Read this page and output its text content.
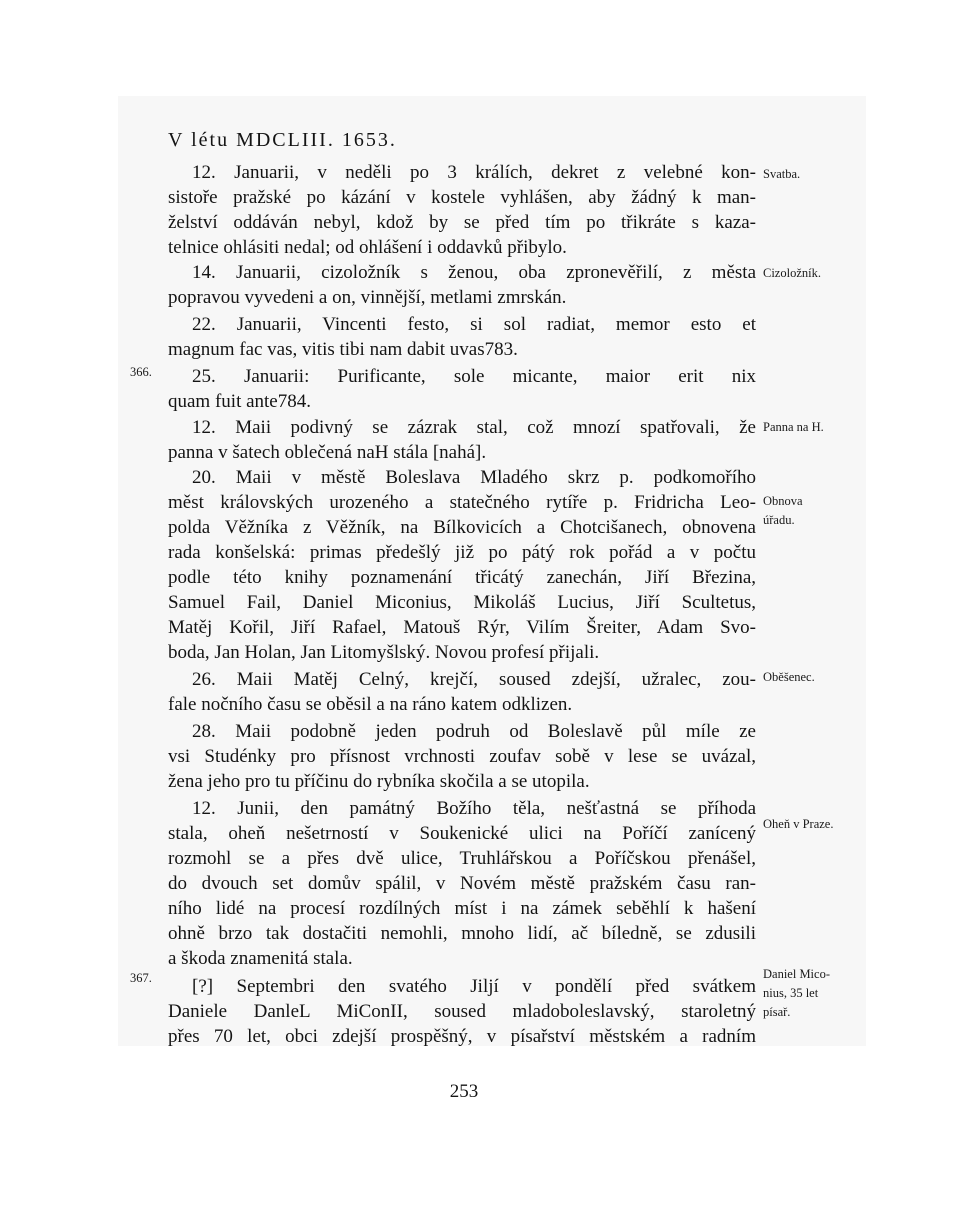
V létu MDCLIII. 1653.
12. Januarii, v neděli po 3 králích, dekret z velebné kon-
sistoře pražské po kázání v kostele vyhlášen, aby žádný k man-
želství oddáván nebyl, kdož by se před tím po třikráte s kaza-
telnice ohlásiti nedal; od ohlášení i oddavků přibylo.
14. Januarii, cizoložník s ženou, oba zpronevěřilí, z města
popravou vyvedeni a on, vinnější, metlami zmrskán.
22. Januarii, Vincenti festo, si sol radiat, memor esto et
magnum fac vas, vitis tibi nam dabit uvas783.
25. Januarii: Purificante, sole micante, maior erit nix
quam fuit ante784.
12. Maii podivný se zázrak stal, což mnozí spatřovali, že
panna v šatech oblečená naH stála [nahá].
20. Maii v městě Boleslava Mladého skrz p. podkomořího
měst královských urozeného a statečného rytíře p. Fridricha Leo-
polda Věžníka z Věžník, na Bílkovicích a Chotcišanech, obnovena
rada konšelská: primas předešlý již po pátý rok pořád a v počtu
podle této knihy poznamenání třicátý zanechán, Jiří Březina,
Samuel Fail, Daniel Miconius, Mikoláš Lucius, Jiří Scultetus,
Matěj Kořil, Jiří Rafael, Matouš Rýr, Vilím Šreiter, Adam Svo-
boda, Jan Holan, Jan Litomyšlský. Novou profesí přijali.
26. Maii Matěj Celný, krejčí, soused zdejší, užralec, zou-
fale nočního času se oběsil a na ráno katem odklizen.
28. Maii podobně jeden podruh od Boleslavě půl míle ze
vsi Studénky pro přísnost vrchnosti zoufav sobě v lese se uvázal,
žena jeho pro tu příčinu do rybníka skočila a se utopila.
12. Junii, den památný Božího těla, nešťastná se příhoda
stala, oheň nešetrností v Soukenické ulici na Poříčí zanícený
rozmohl se a přes dvě ulice, Truhlářskou a Poříčskou přenášel,
do dvouch set domův spálil, v Novém městě pražském času ran-
ního lidé na procesí rozdílných míst i na zámek seběhlí k hašení
ohně brzo tak dostačiti nemohli, mnoho lidí, ač bíledně, se zdusili
a škoda znamenitá stala.
[?] Septembri den svatého Jiljí v pondělí před svátkem
Daniele DanleL MiConII, soused mladoboleslavský, staroletný
přes 70 let, obci zdejší prospěšný, v písařství městském a radním
Svatba.
Cizoložník.
Panna na H.
Obnova
úřadu.
Oběšenec.
Oheň v Praze.
Daniel Mico-
nius, 35 let
písař.
366.
367.
253
